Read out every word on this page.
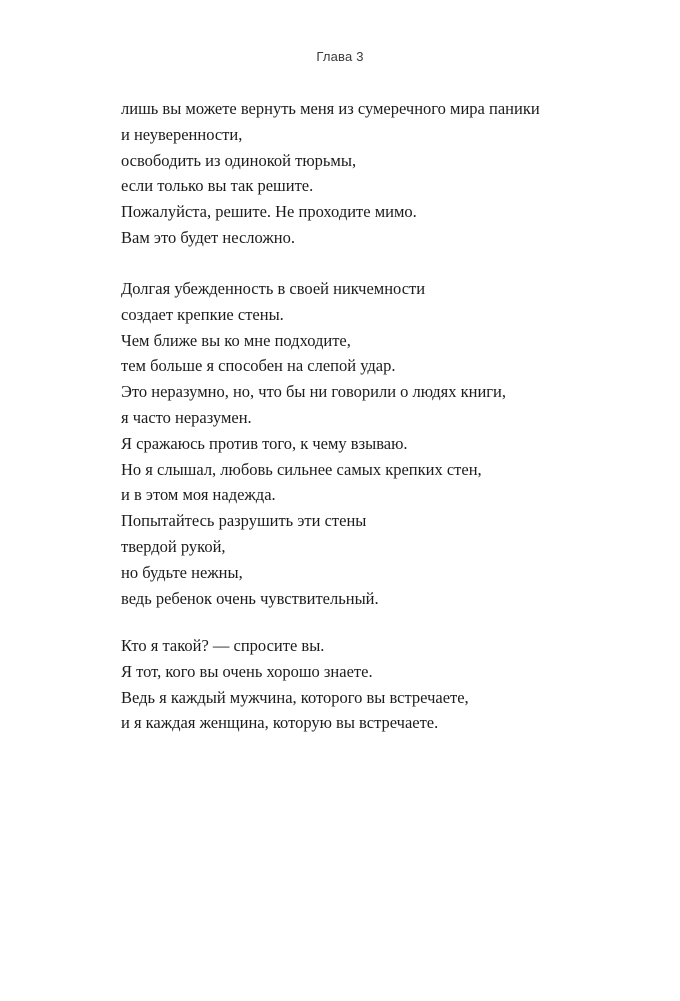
Глава 3
лишь вы можете вернуть меня из сумеречного мира паники
и неуверенности,
освободить из одинокой тюрьмы,
если только вы так решите.
Пожалуйста, решите. Не проходите мимо.
Вам это будет несложно.
Долгая убежденность в своей никчемности
создает крепкие стены.
Чем ближе вы ко мне подходите,
тем больше я способен на слепой удар.
Это неразумно, но, что бы ни говорили о людях книги,
я часто неразумен.
Я сражаюсь против того, к чему взываю.
Но я слышал, любовь сильнее самых крепких стен,
и в этом моя надежда.
Попытайтесь разрушить эти стены
твердой рукой,
но будьте нежны,
ведь ребенок очень чувствительный.
Кто я такой? — спросите вы.
Я тот, кого вы очень хорошо знаете.
Ведь я каждый мужчина, которого вы встречаете,
и я каждая женщина, которую вы встречаете.
